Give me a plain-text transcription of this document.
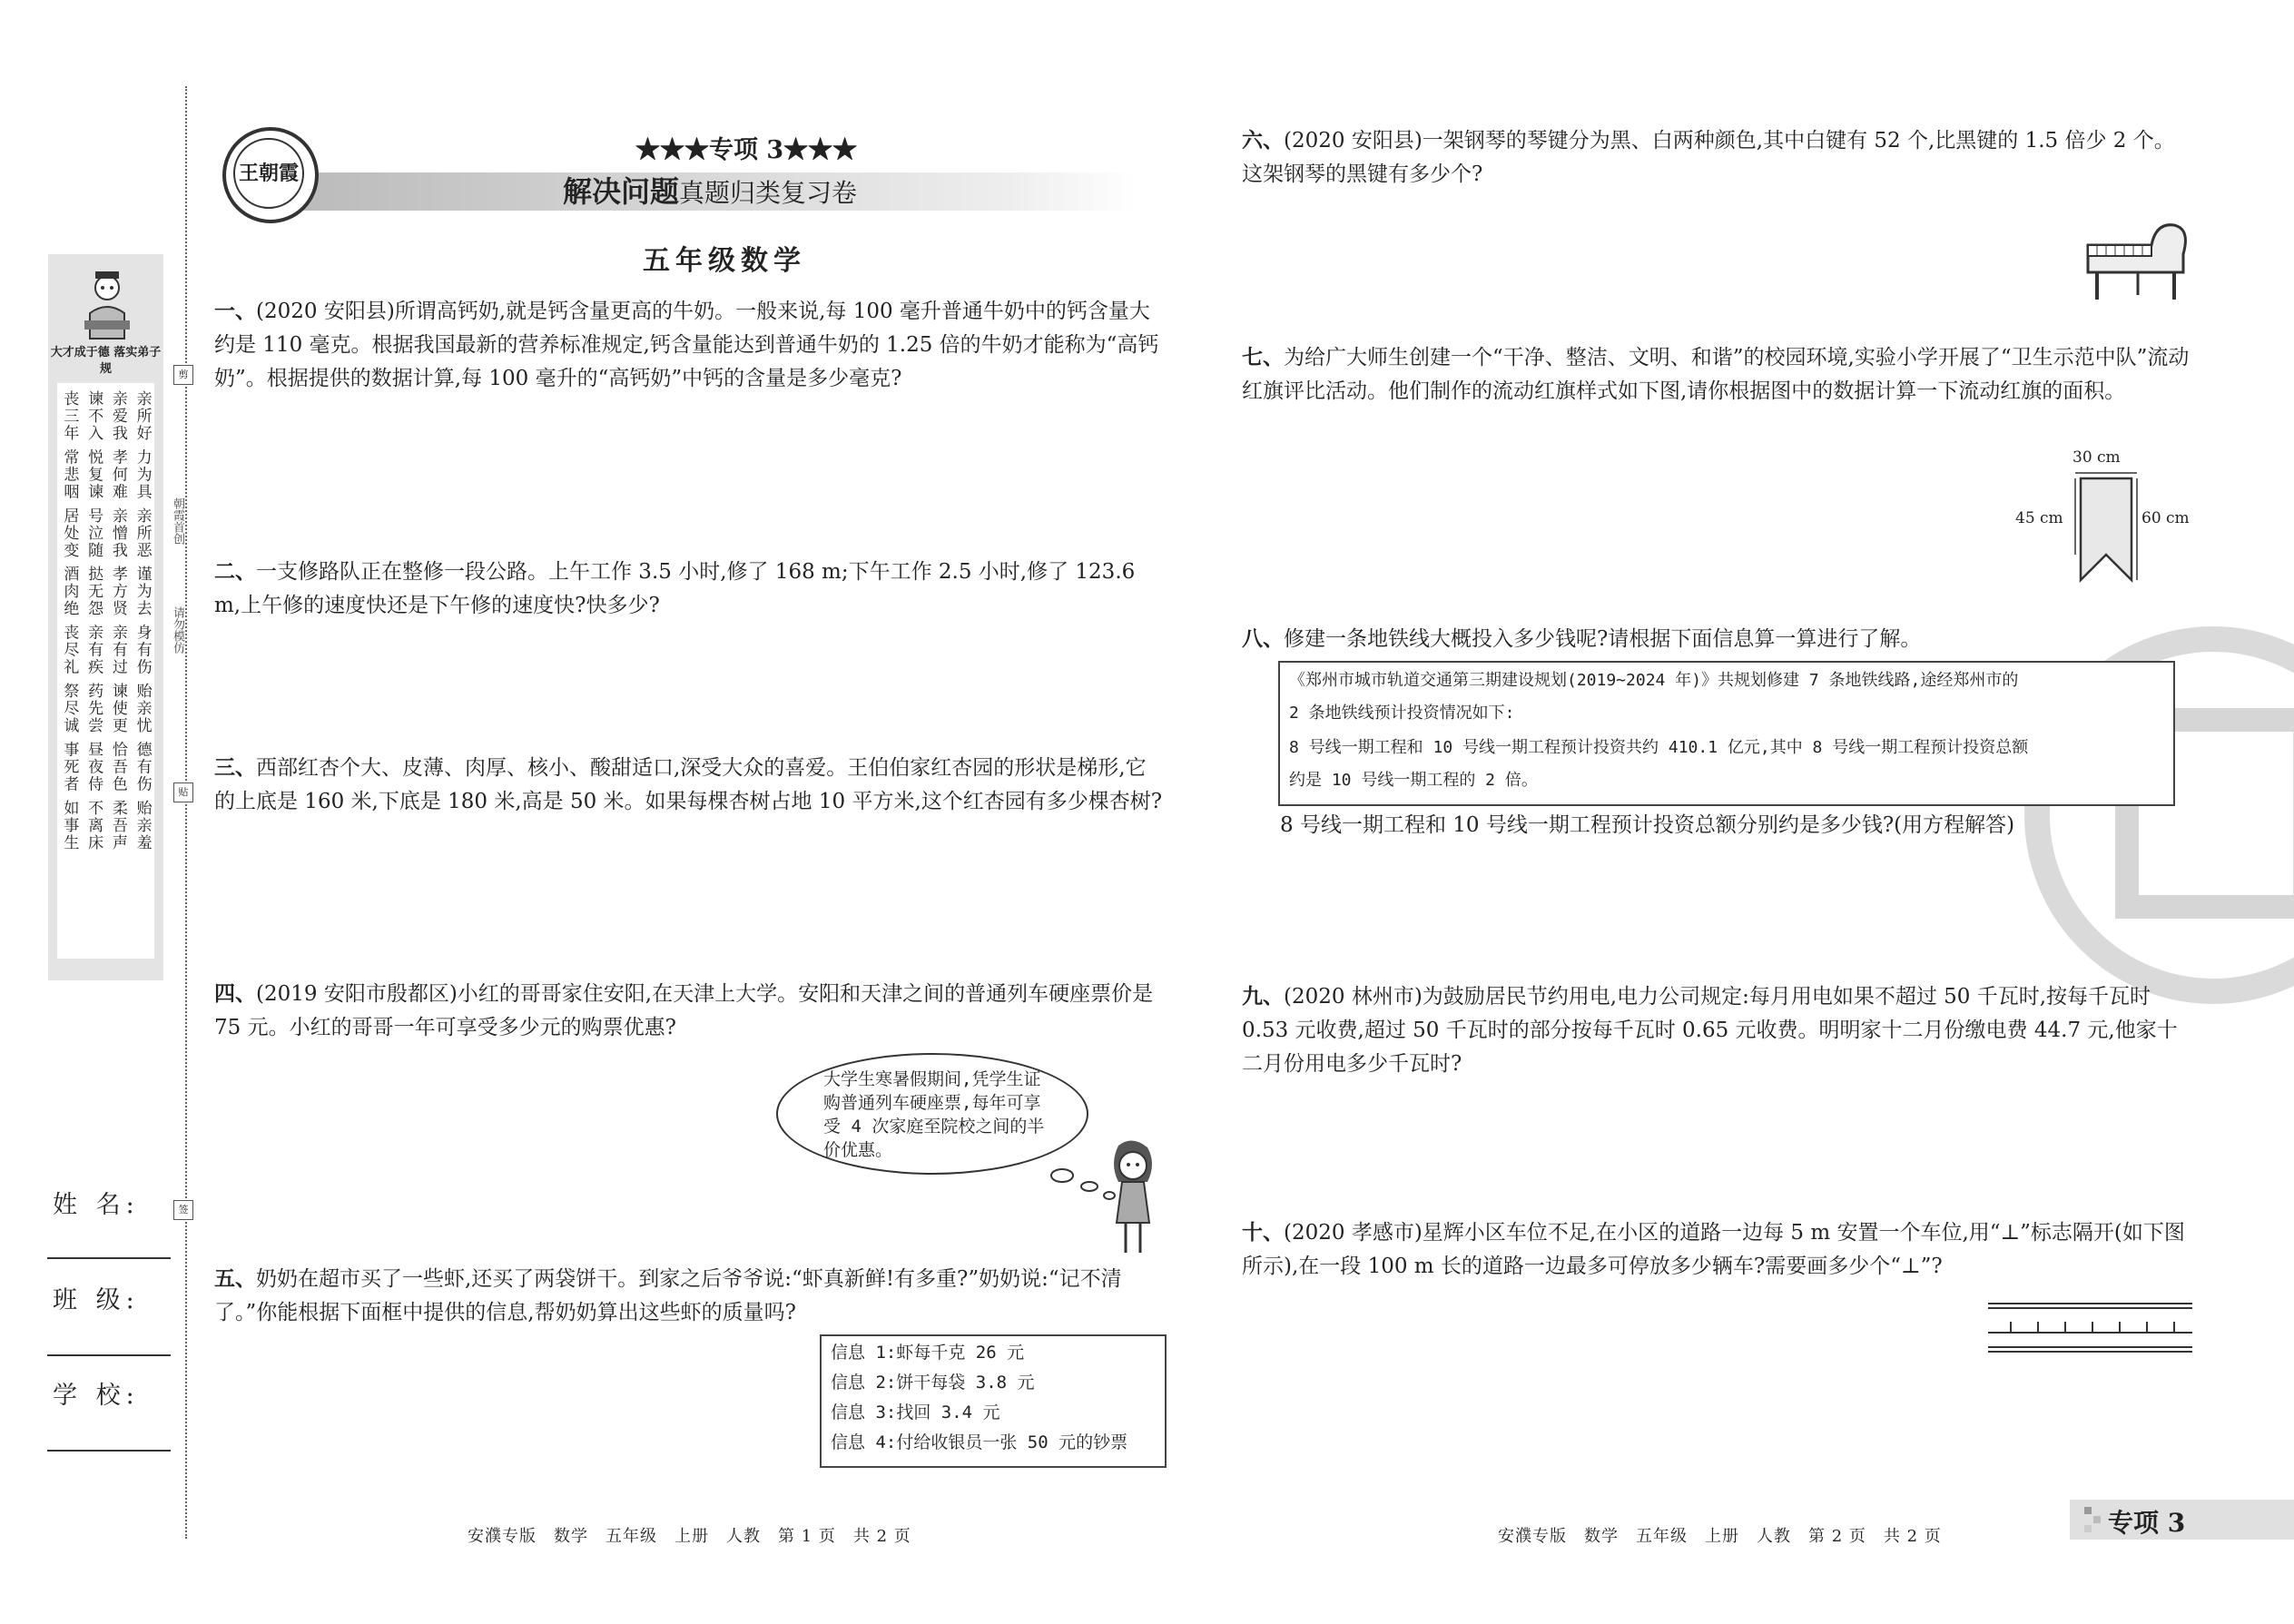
大才成于德 落实弟子规
亲所好 力为具 亲所恶 谨为去 身有伤 贻亲忧 德有伤 贻亲羞
亲爱我 孝何难 亲憎我 孝方贤 亲有过 谏使更 恰吾色 柔吾声
谏不入 悦复谏 号泣随 挞无怨 亲有疾 药先尝 昼夜侍 不离床
丧三年 常悲咽 居处变 酒肉绝 丧尽礼 祭尽诚 事死者 如事生
剪
朝霞首创
请勿模仿
贴
签
姓 名:
班 级:
学 校:
王朝霞
★★★专项 3★★★
解决问题真题归类复习卷
五年级数学
一、(2020 安阳县)所谓高钙奶,就是钙含量更高的牛奶。一般来说,每 100 毫升普通牛奶中的钙含量大约是 110 毫克。根据我国最新的营养标准规定,钙含量能达到普通牛奶的 1.25 倍的牛奶才能称为“高钙奶”。根据提供的数据计算,每 100 毫升的“高钙奶”中钙的含量是多少毫克?
二、一支修路队正在整修一段公路。上午工作 3.5 小时,修了 168 m;下午工作 2.5 小时,修了 123.6 m,上午修的速度快还是下午修的速度快?快多少?
三、西部红杏个大、皮薄、肉厚、核小、酸甜适口,深受大众的喜爱。王伯伯家红杏园的形状是梯形,它的上底是 160 米,下底是 180 米,高是 50 米。如果每棵杏树占地 10 平方米,这个红杏园有多少棵杏树?
四、(2019 安阳市殷都区)小红的哥哥家住安阳,在天津上大学。安阳和天津之间的普通列车硬座票价是 75 元。小红的哥哥一年可享受多少元的购票优惠?
大学生寒暑假期间,凭学生证购普通列车硬座票,每年可享受 4 次家庭至院校之间的半价优惠。
五、奶奶在超市买了一些虾,还买了两袋饼干。到家之后爷爷说:“虾真新鲜!有多重?”奶奶说:“记不清了。”你能根据下面框中提供的信息,帮奶奶算出这些虾的质量吗?
信息 1:虾每千克 26 元
信息 2:饼干每袋 3.8 元
信息 3:找回 3.4 元
信息 4:付给收银员一张 50 元的钞票
安濮专版　数学　五年级　上册　人教　第 1 页　共 2 页
六、(2020 安阳县)一架钢琴的琴键分为黑、白两种颜色,其中白键有 52 个,比黑键的 1.5 倍少 2 个。这架钢琴的黑键有多少个?
七、为给广大师生创建一个“干净、整洁、文明、和谐”的校园环境,实验小学开展了“卫生示范中队”流动红旗评比活动。他们制作的流动红旗样式如下图,请你根据图中的数据计算一下流动红旗的面积。
30 cm
45 cm	60 cm
八、修建一条地铁线大概投入多少钱呢?请根据下面信息算一算进行了解。
《郑州市城市轨道交通第三期建设规划(2019~2024 年)》共规划修建 7 条地铁线路,途经郑州市的
2 条地铁线预计投资情况如下:
8 号线一期工程和 10 号线一期工程预计投资共约 410.1 亿元,其中 8 号线一期工程预计投资总额
约是 10 号线一期工程的 2 倍。
8 号线一期工程和 10 号线一期工程预计投资总额分别约是多少钱?(用方程解答)
九、(2020 林州市)为鼓励居民节约用电,电力公司规定:每月用电如果不超过 50 千瓦时,按每千瓦时 0.53 元收费,超过 50 千瓦时的部分按每千瓦时 0.65 元收费。明明家十二月份缴电费 44.7 元,他家十二月份用电多少千瓦时?
十、(2020 孝感市)星辉小区车位不足,在小区的道路一边每 5 m 安置一个车位,用“⊥”标志隔开(如下图所示),在一段 100 m 长的道路一边最多可停放多少辆车?需要画多少个“⊥”?
安濮专版　数学　五年级　上册　人教　第 2 页　共 2 页	专项 3
